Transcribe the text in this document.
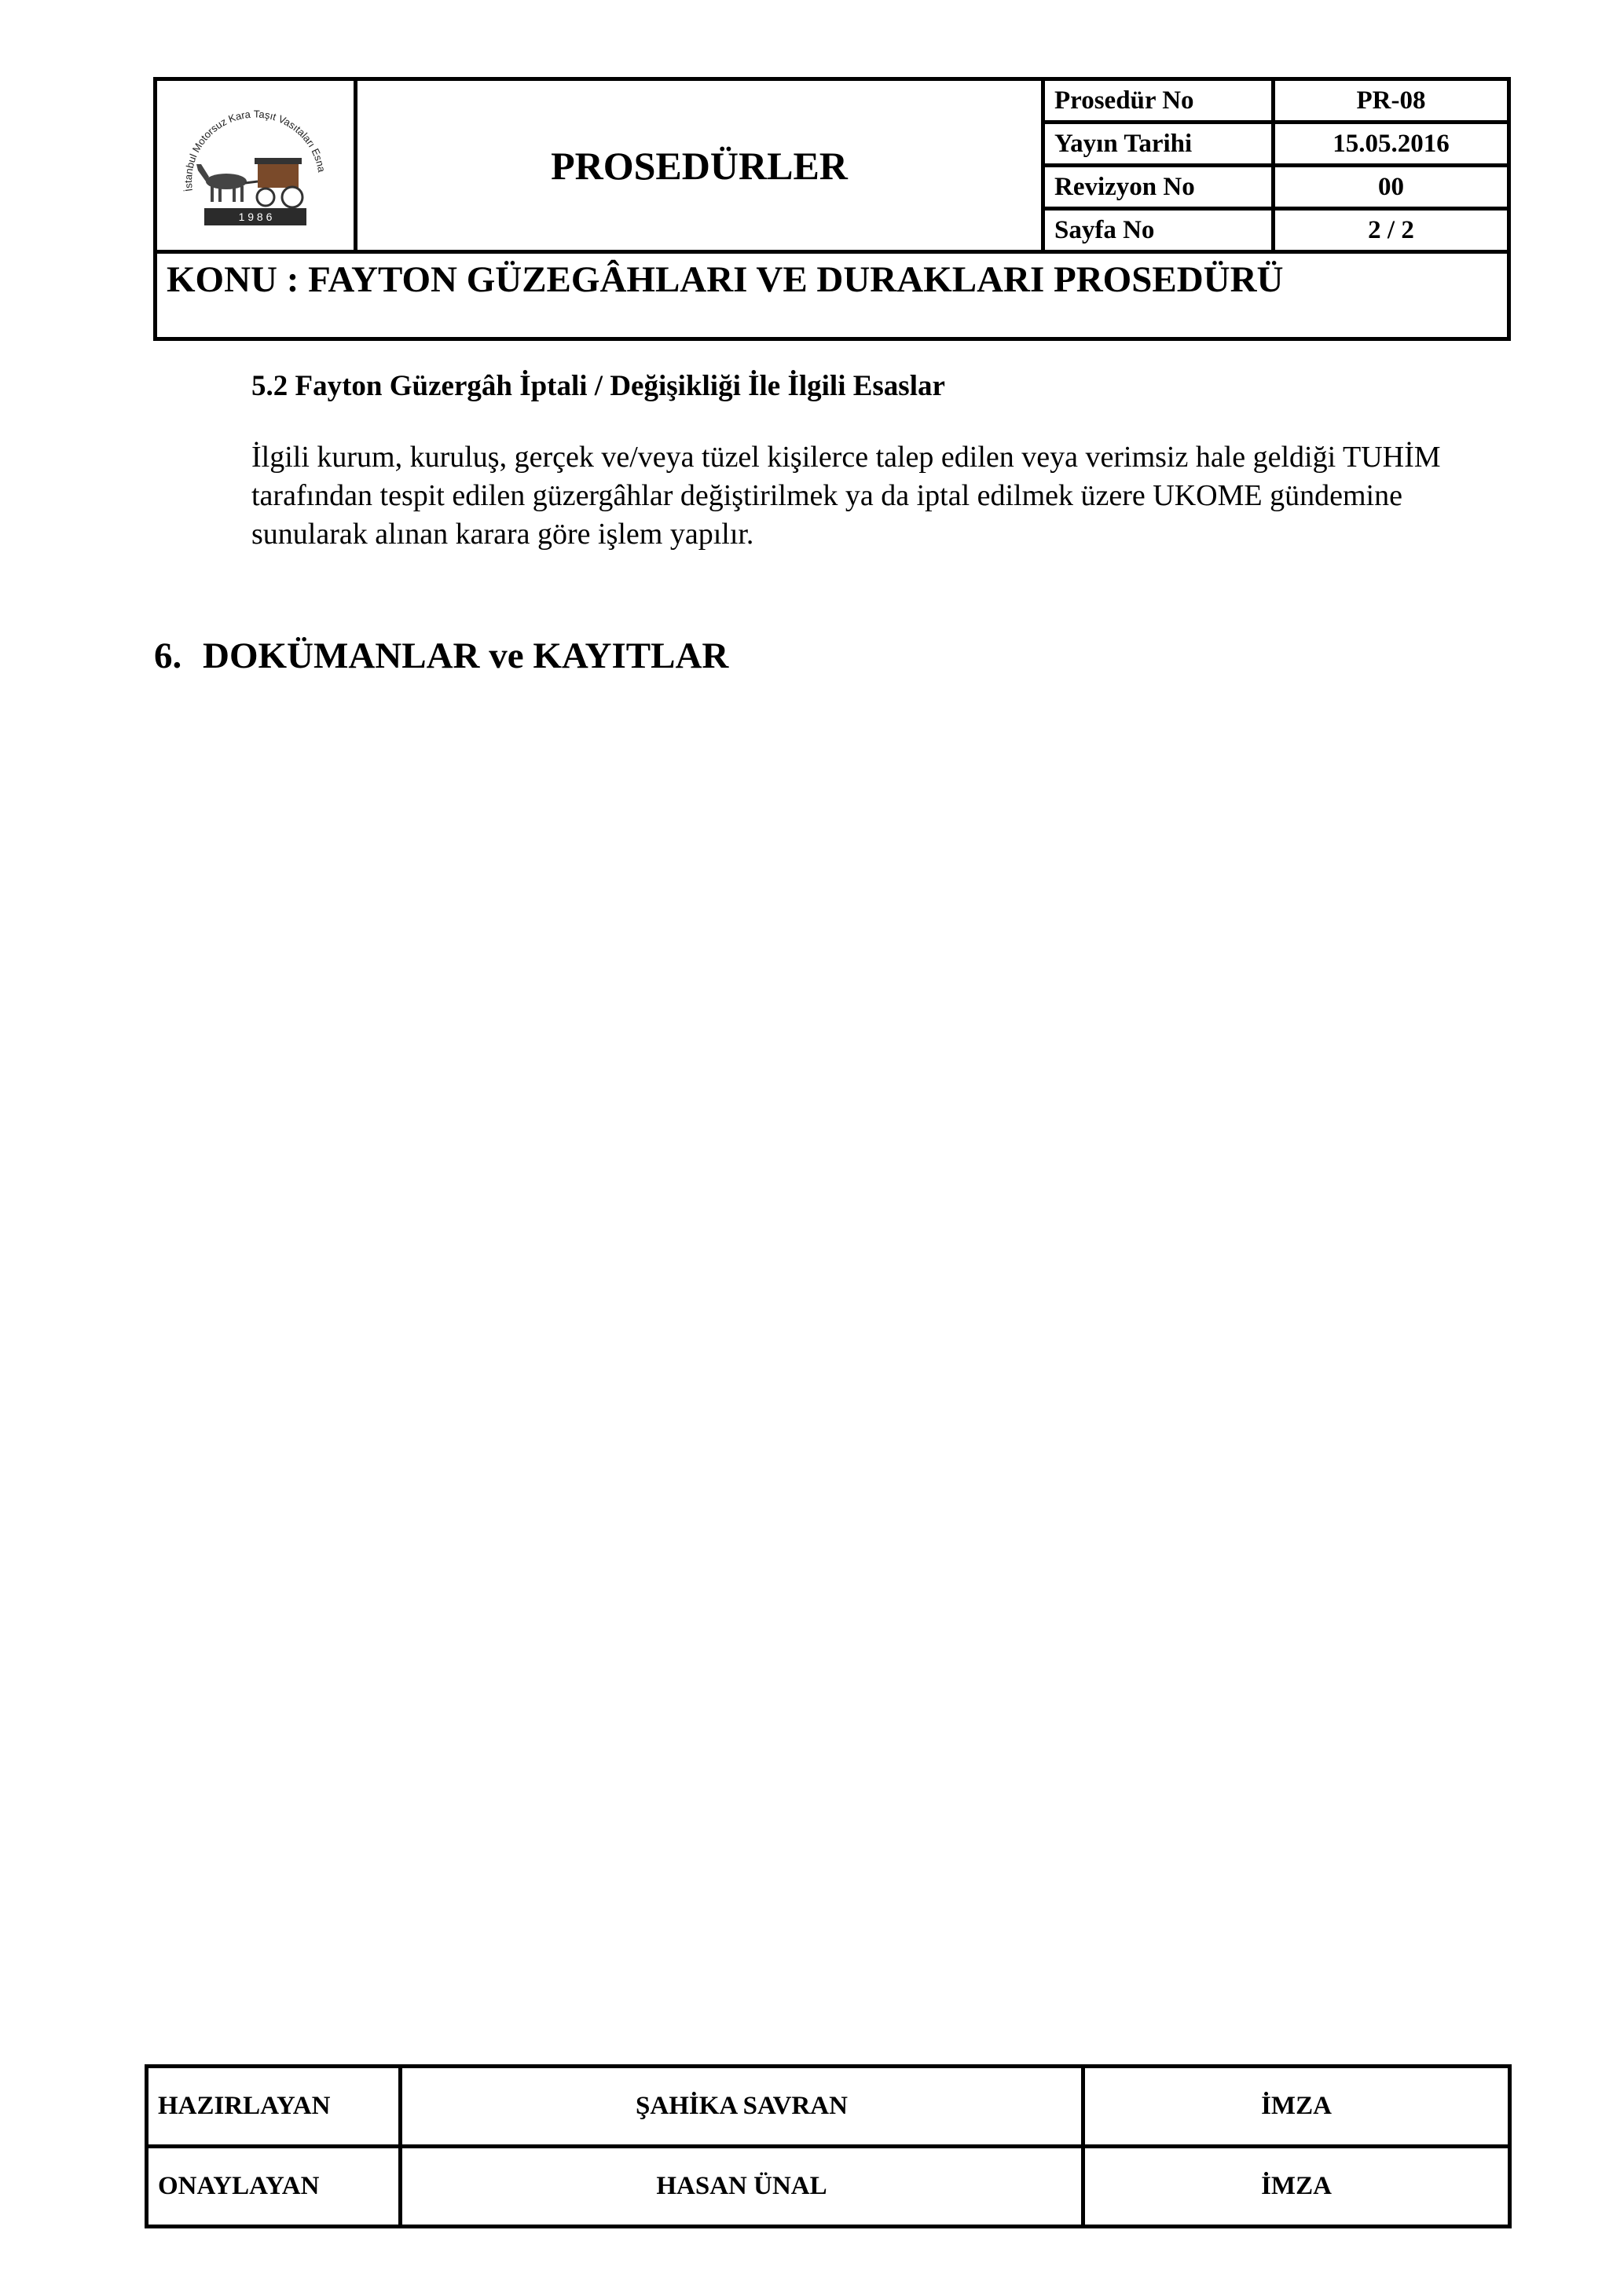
İstanbul Motorsuz Kara Taşıt Vasıtaları Esna
1 9 8 6	PROSEDÜRLER	Prosedür No	PR-08
		Yayın Tarihi	15.05.2016
		Revizyon No	00
		Sayfa No	2 / 2
KONU : FAYTON GÜZEGÂHLARI VE DURAKLARI PROSEDÜRÜ			
5.2 Fayton Güzergâh İptali / Değişikliği İle İlgili Esaslar
İlgili kurum, kuruluş, gerçek ve/veya tüzel kişilerce talep edilen veya verimsiz hale geldiği TUHİM tarafından tespit edilen güzergâhlar değiştirilmek ya da iptal edilmek üzere UKOME gündemine sunularak alınan karara göre işlem yapılır.
6. DOKÜMANLAR ve KAYITLAR
HAZIRLAYAN	ŞAHİKA SAVRAN	İMZA
ONAYLAYAN	HASAN ÜNAL	İMZA
